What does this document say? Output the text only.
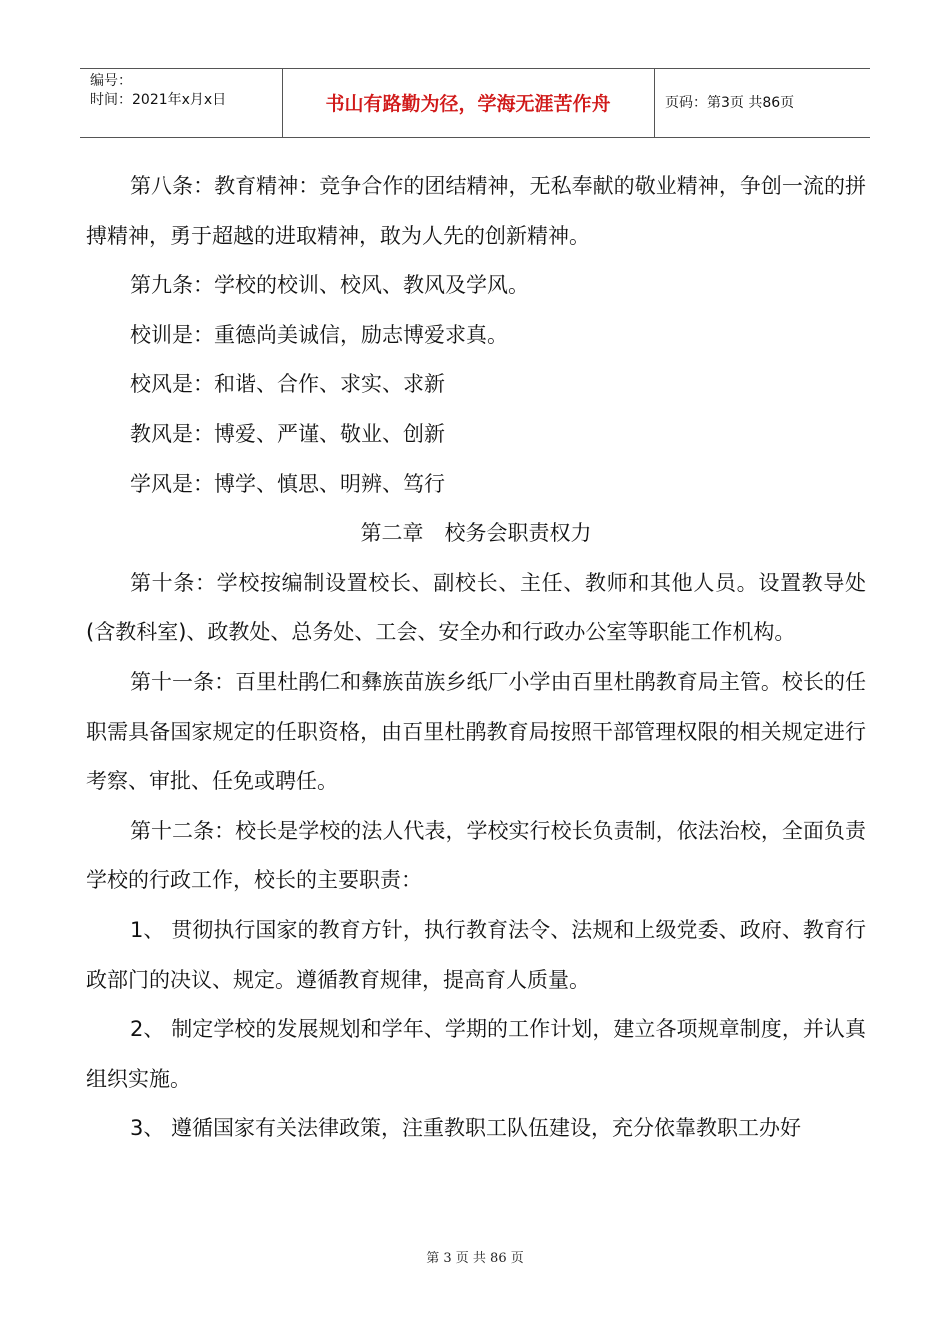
编号：
时间：2021年x月x日	书山有路勤为径，学海无涯苦作舟	页码：第3页 共86页

第八条：教育精神：竞争合作的团结精神，无私奉献的敬业精神，争创一流的拼搏精神，勇于超越的进取精神，敢为人先的创新精神。

第九条：学校的校训、校风、教风及学风。

校训是：重德尚美诚信，励志博爱求真。

校风是：和谐、合作、求实、求新

教风是：博爱、严谨、敬业、创新

学风是：博学、慎思、明辨、笃行

第二章　校务会职责权力

第十条：学校按编制设置校长、副校长、主任、教师和其他人员。设置教导处(含教科室)、政教处、总务处、工会、安全办和行政办公室等职能工作机构。

第十一条：百里杜鹃仁和彝族苗族乡纸厂小学由百里杜鹃教育局主管。校长的任职需具备国家规定的任职资格，由百里杜鹃教育局按照干部管理权限的相关规定进行考察、审批、任免或聘任。

第十二条：校长是学校的法人代表，学校实行校长负责制，依法治校，全面负责学校的行政工作，校长的主要职责：

1、 贯彻执行国家的教育方针，执行教育法令、法规和上级党委、政府、教育行政部门的决议、规定。遵循教育规律，提高育人质量。

2、 制定学校的发展规划和学年、学期的工作计划，建立各项规章制度，并认真组织实施。

3、 遵循国家有关法律政策，注重教职工队伍建设，充分依靠教职工办好

第 3 页 共 86 页
